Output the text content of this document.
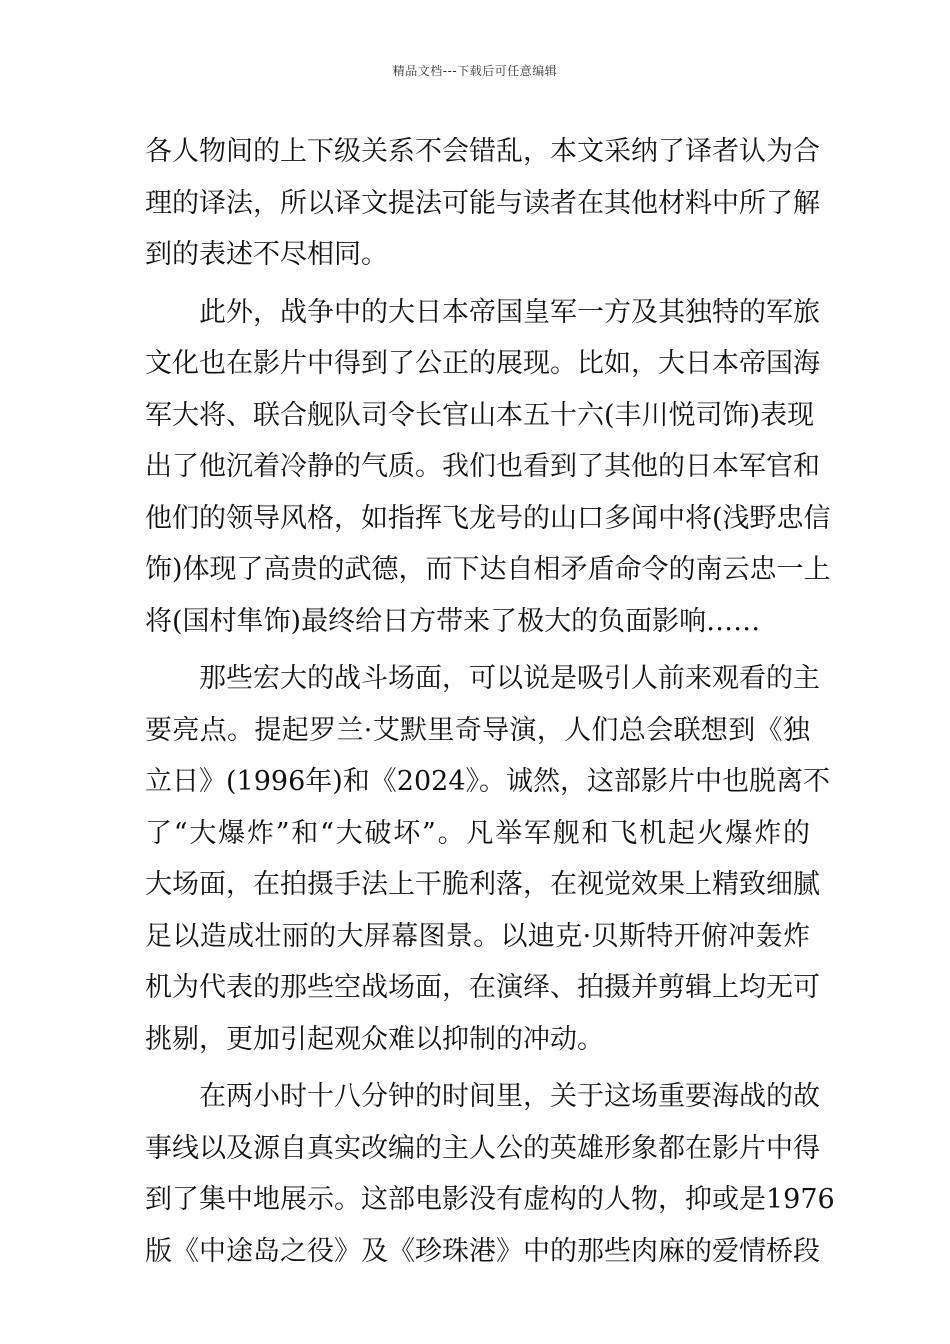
精品文档---下载后可任意编辑
各人物间的上下级关系不会错乱，本文采纳了译者认为合
理的译法，所以译文提法可能与读者在其他材料中所了解
到的表述不尽相同。
此外，战争中的大日本帝国皇军一方及其独特的军旅
文化也在影片中得到了公正的展现。比如，大日本帝国海
军大将、联合舰队司令长官山本五十六(丰川悦司饰)表现
出了他沉着冷静的气质。我们也看到了其他的日本军官和
他们的领导风格，如指挥飞龙号的山口多闻中将(浅野忠信
饰)体现了高贵的武德，而下达自相矛盾命令的南云忠一上
将(国村隼饰)最终给日方带来了极大的负面影响……
那些宏大的战斗场面，可以说是吸引人前来观看的主
要亮点。提起罗兰·艾默里奇导演，人们总会联想到《独
立日》(1996年)和《2024》。诚然，这部影片中也脱离不
了“大爆炸”和“大破坏”。凡举军舰和飞机起火爆炸的
大场面，在拍摄手法上干脆利落，在视觉效果上精致细腻
足以造成壮丽的大屏幕图景。以迪克·贝斯特开俯冲轰炸
机为代表的那些空战场面，在演绎、拍摄并剪辑上均无可
挑剔，更加引起观众难以抑制的冲动。
在两小时十八分钟的时间里，关于这场重要海战的故
事线以及源自真实改编的主人公的英雄形象都在影片中得
到了集中地展示。这部电影没有虚构的人物，抑或是1976
版《中途岛之役》及《珍珠港》中的那些肉麻的爱情桥段
